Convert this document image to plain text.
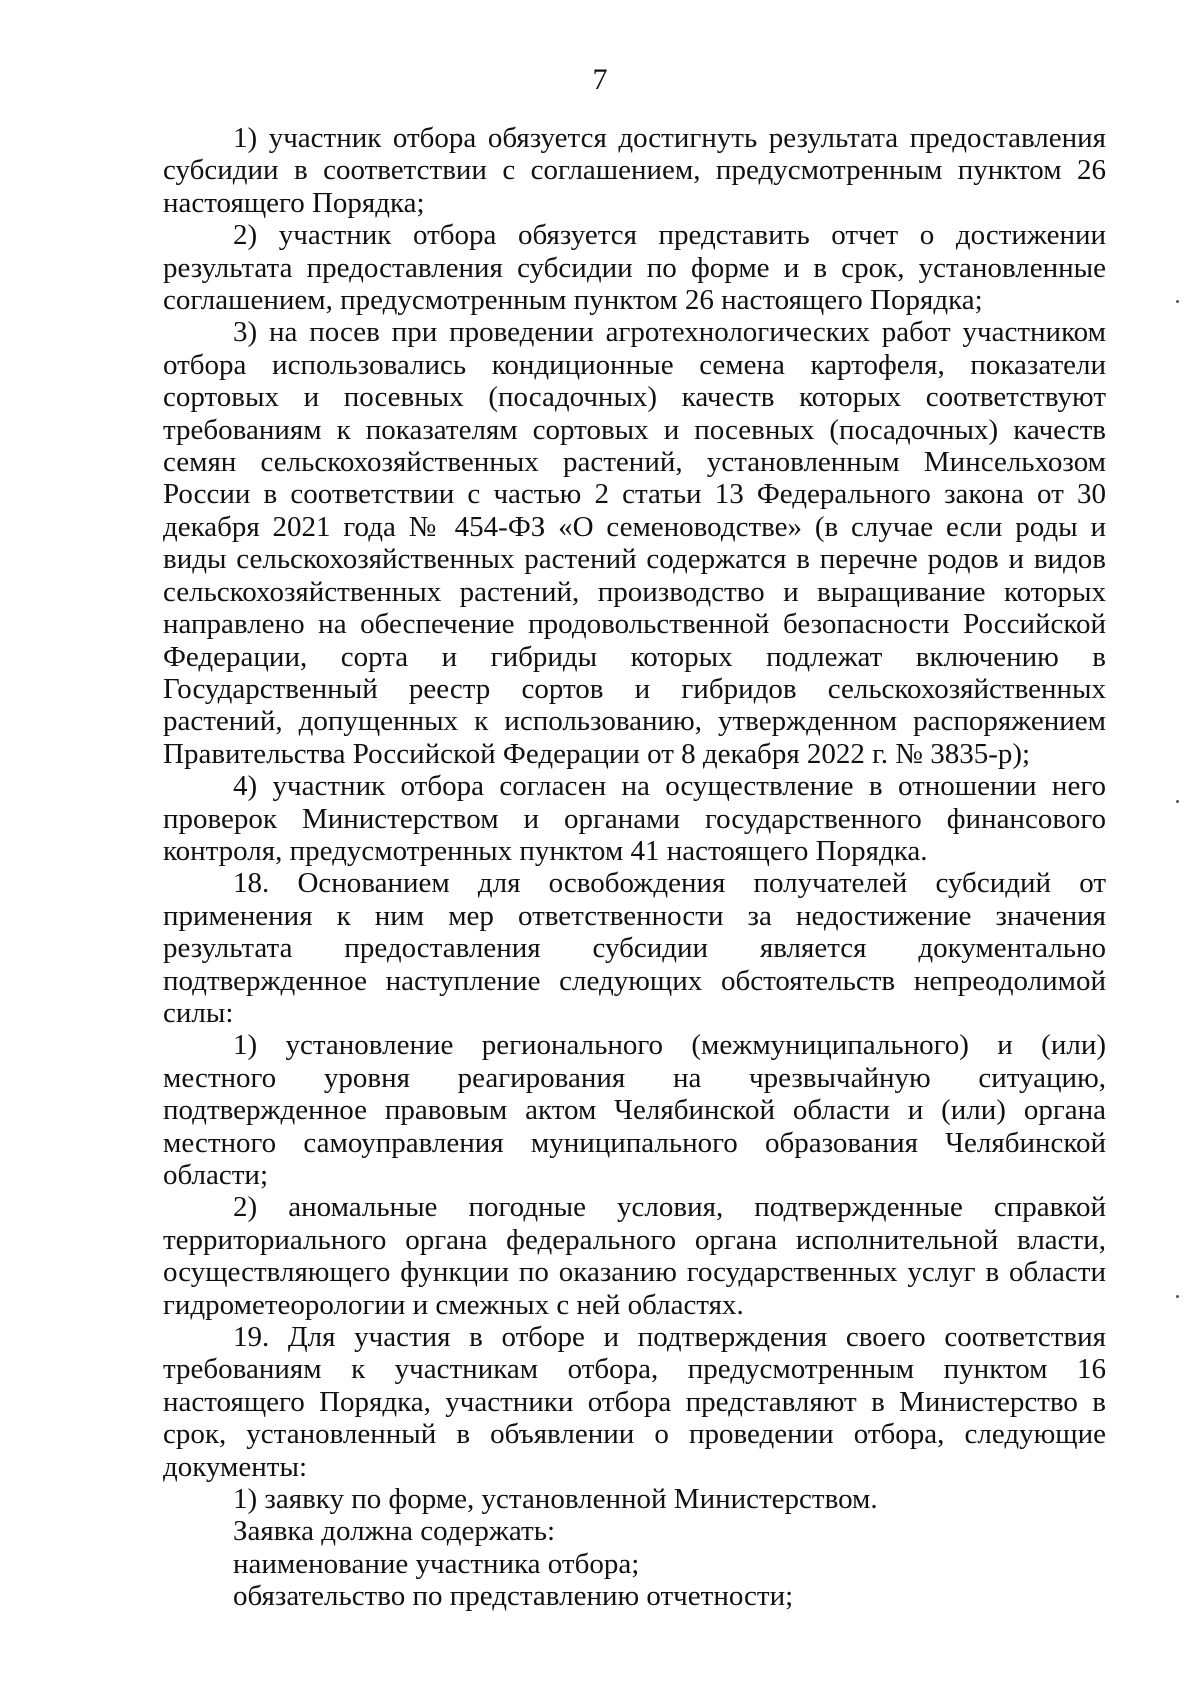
7

1) участник отбора обязуется достигнуть результата предоставления субсидии в соответствии с соглашением, предусмотренным пунктом 26 настоящего Порядка;

2) участник отбора обязуется представить отчет о достижении результата предоставления субсидии по форме и в срок, установленные соглашением, предусмотренным пунктом 26 настоящего Порядка;

3) на посев при проведении агротехнологических работ участником отбора использовались кондиционные семена картофеля, показатели сортовых и посевных (посадочных) качеств которых соответствуют требованиям к показателям сортовых и посевных (посадочных) качеств семян сельскохозяйственных растений, установленным Минсельхозом России в соответствии с частью 2 статьи 13 Федерального закона от 30 декабря 2021 года № 454-ФЗ «О семеноводстве» (в случае если роды и виды сельскохозяйственных растений содержатся в перечне родов и видов сельскохозяйственных растений, производство и выращивание которых направлено на обеспечение продовольственной безопасности Российской Федерации, сорта и гибриды которых подлежат включению в Государственный реестр сортов и гибридов сельскохозяйственных растений, допущенных к использованию, утвержденном распоряжением Правительства Российской Федерации от 8 декабря 2022 г. № 3835-р);

4) участник отбора согласен на осуществление в отношении него проверок Министерством и органами государственного финансового контроля, предусмотренных пунктом 41 настоящего Порядка.

18. Основанием для освобождения получателей субсидий от применения к ним мер ответственности за недостижение значения результата предоставления субсидии является документально подтвержденное наступление следующих обстоятельств непреодолимой силы:

1) установление регионального (межмуниципального) и (или) местного уровня реагирования на чрезвычайную ситуацию, подтвержденное правовым актом Челябинской области и (или) органа местного самоуправления муниципального образования Челябинской области;

2) аномальные погодные условия, подтвержденные справкой территориального органа федерального органа исполнительной власти, осуществляющего функции по оказанию государственных услуг в области гидрометеорологии и смежных с ней областях.

19. Для участия в отборе и подтверждения своего соответствия требованиям к участникам отбора, предусмотренным пунктом 16 настоящего Порядка, участники отбора представляют в Министерство в срок, установленный в объявлении о проведении отбора, следующие документы:

1) заявку по форме, установленной Министерством.

Заявка должна содержать:

наименование участника отбора;

обязательство по представлению отчетности;
